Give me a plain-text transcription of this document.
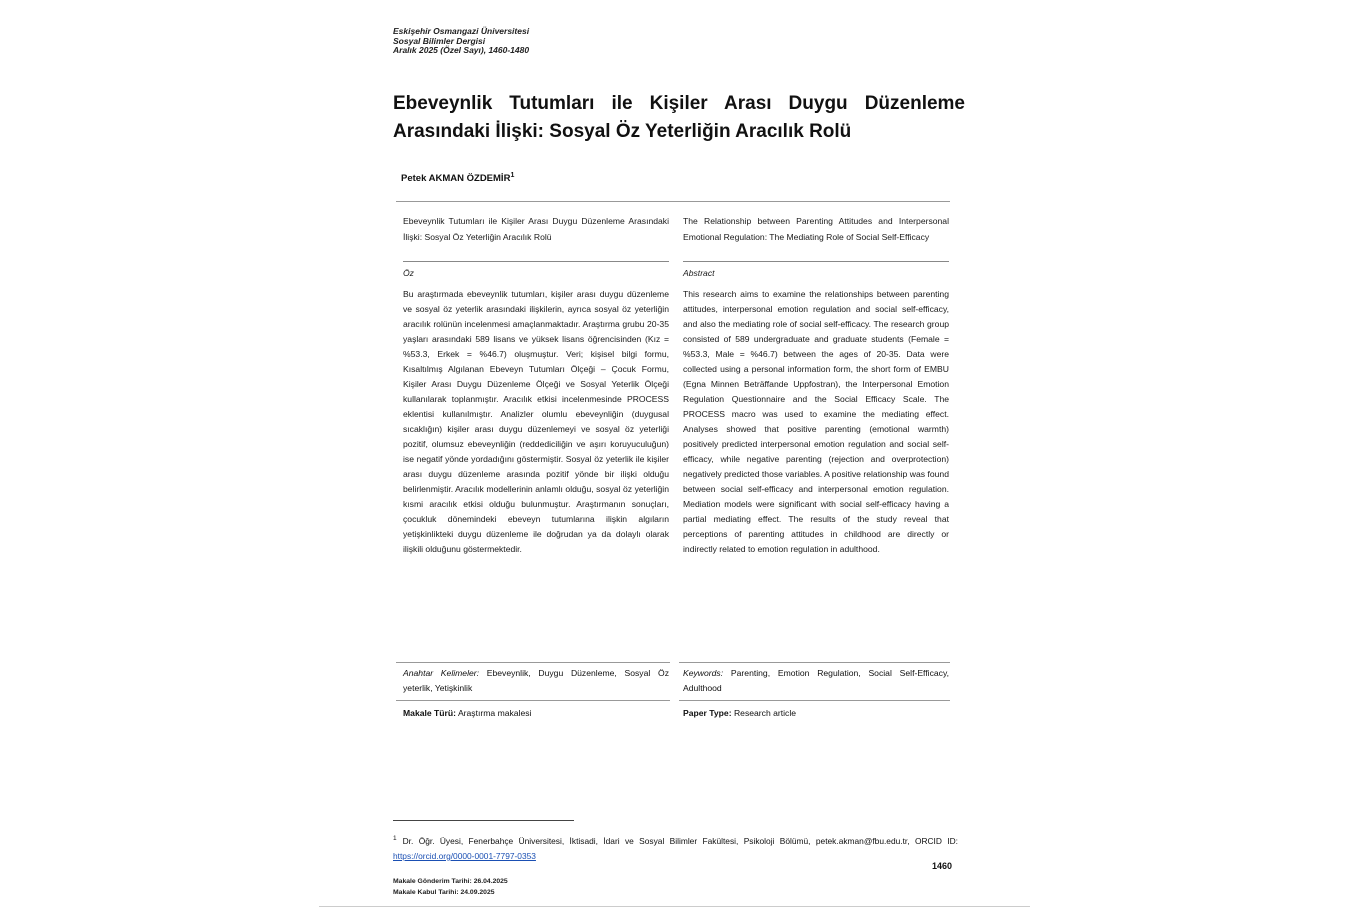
Eskişehir Osmangazi Üniversitesi
Sosyal Bilimler Dergisi
Aralık 2025 (Özel Sayı), 1460-1480
Ebeveynlik Tutumları ile Kişiler Arası Duygu Düzenleme Arasındaki İlişki: Sosyal Öz Yeterliğin Aracılık Rolü
Petek AKMAN ÖZDEMİR$^1$
Ebeveynlik Tutumları ile Kişiler Arası Duygu Düzenleme Arasındaki İlişki: Sosyal Öz Yeterliğin Aracılık Rolü
Öz
Bu araştırmada ebeveynlik tutumları, kişiler arası duygu düzenleme ve sosyal öz yeterlik arasındaki ilişkilerin, ayrıca sosyal öz yeterliğin aracılık rolünün incelenmesi amaçlanmaktadır. Araştırma grubu 20-35 yaşları arasındaki 589 lisans ve yüksek lisans öğrencisinden (Kız = %53.3, Erkek = %46.7) oluşmuştur. Veri; kişisel bilgi formu, Kısaltılmış Algılanan Ebeveyn Tutumları Ölçeği – Çocuk Formu, Kişiler Arası Duygu Düzenleme Ölçeği ve Sosyal Yeterlik Ölçeği kullanılarak toplanmıştır. Aracılık etkisi incelenmesinde PROCESS eklentisi kullanılmıştır. Analizler olumlu ebeveynliğin (duygusal sıcaklığın) kişiler arası duygu düzenlemeyi ve sosyal öz yeterliği pozitif, olumsuz ebeveynliğin (reddediciliğin ve aşırı koruyuculuğun) ise negatif yönde yordadığını göstermiştir. Sosyal öz yeterlik ile kişiler arası duygu düzenleme arasında pozitif yönde bir ilişki olduğu belirlenmiştir. Aracılık modellerinin anlamlı olduğu, sosyal öz yeterliğin kısmi aracılık etkisi olduğu bulunmuştur. Araştırmanın sonuçları, çocukluk dönemindeki ebeveyn tutumlarına ilişkin algıların yetişkinlikteki duygu düzenleme ile doğrudan ya da dolaylı olarak ilişkili olduğunu göstermektedir.
The Relationship between Parenting Attitudes and Interpersonal Emotional Regulation: The Mediating Role of Social Self-Efficacy
Abstract
This research aims to examine the relationships between parenting attitudes, interpersonal emotion regulation and social self-efficacy, and also the mediating role of social self-efficacy. The research group consisted of 589 undergraduate and graduate students (Female = %53.3, Male = %46.7) between the ages of 20-35. Data were collected using a personal information form, the short form of EMBU (Egna Minnen Beträffande Uppfostran), the Interpersonal Emotion Regulation Questionnaire and the Social Efficacy Scale. The PROCESS macro was used to examine the mediating effect. Analyses showed that positive parenting (emotional warmth) positively predicted interpersonal emotion regulation and social self-efficacy, while negative parenting (rejection and overprotection) negatively predicted those variables. A positive relationship was found between social self-efficacy and interpersonal emotion regulation. Mediation models were significant with social self-efficacy having a partial mediating effect. The results of the study reveal that perceptions of parenting attitudes in childhood are directly or indirectly related to emotion regulation in adulthood.
Anahtar Kelimeler: Ebeveynlik, Duygu Düzenleme, Sosyal Öz yeterlik, Yetişkinlik
Keywords: Parenting, Emotion Regulation, Social Self-Efficacy, Adulthood
Makale Türü: Araştırma makalesi	Paper Type: Research article
$^1$ Dr. Öğr. Üyesi, Fenerbahçe Üniversitesi, İktisadi, İdari ve Sosyal Bilimler Fakültesi, Psikoloji Bölümü, petek.akman@fbu.edu.tr, ORCID ID: https://orcid.org/0000-0001-7797-0353
1460
Makale Gönderim Tarihi: 26.04.2025
Makale Kabul Tarihi: 24.09.2025
